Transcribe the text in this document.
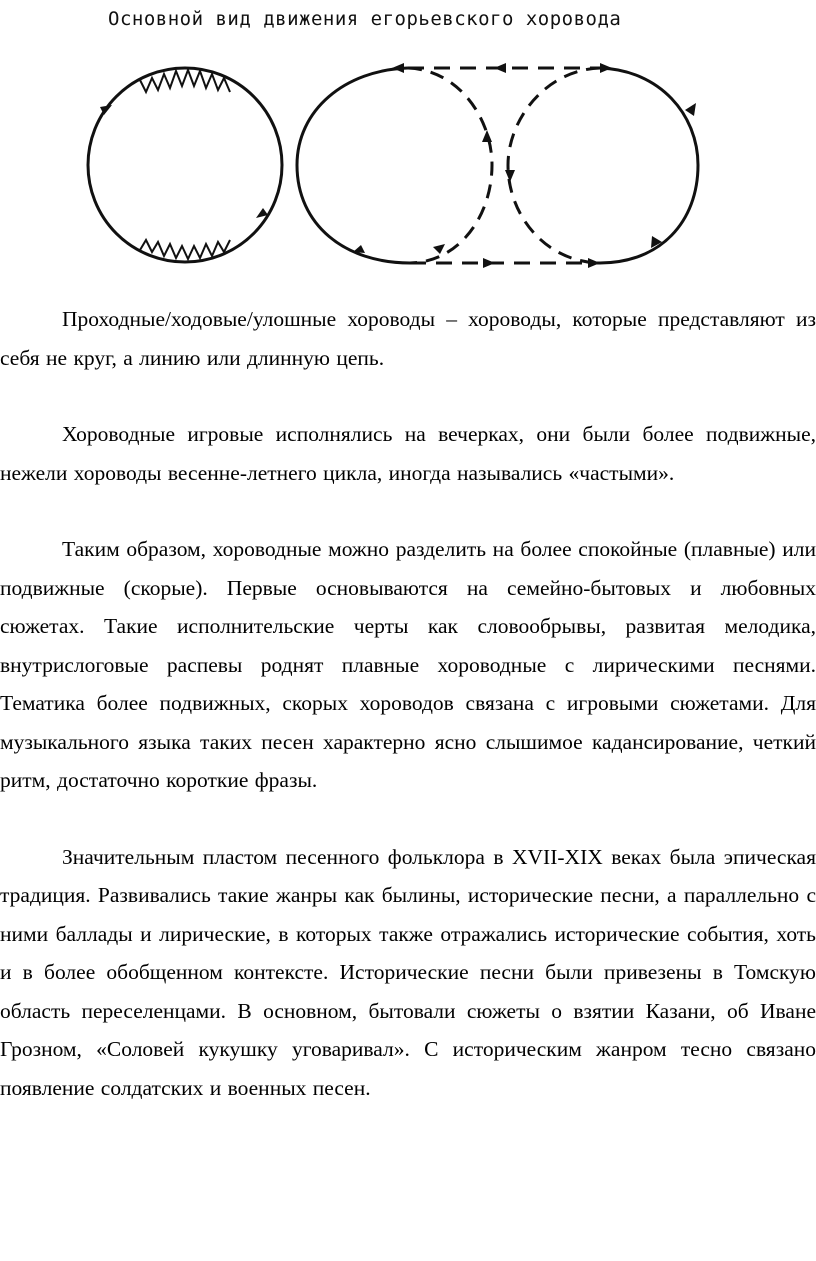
Основной вид движения егорьевского хоровода

Проходные/ходовые/улошные хороводы – хороводы, которые представляют из себя не круг, а линию или длинную цепь.

Хороводные игровые исполнялись на вечерках, они были более подвижные, нежели хороводы весенне-летнего цикла, иногда назывались «частыми».

Таким образом, хороводные можно разделить на более спокойные (плавные) или подвижные (скорые). Первые основываются на семейно-бытовых и любовных сюжетах. Такие исполнительские черты как словообрывы, развитая мелодика, внутрислоговые распевы роднят плавные хороводные с лирическими песнями. Тематика более подвижных, скорых хороводов связана с игровыми сюжетами. Для музыкального языка таких песен характерно ясно слышимое кадансирование, четкий ритм, достаточно короткие фразы.

Значительным пластом песенного фольклора в XVII-XIX веках была эпическая традиция. Развивались такие жанры как былины, исторические песни, а параллельно с ними баллады и лирические, в которых также отражались исторические события, хоть и в более обобщенном контексте. Исторические песни были привезены в Томскую область переселенцами. В основном, бытовали сюжеты о взятии Казани, об Иване Грозном, «Соловей кукушку уговаривал». С историческим жанром тесно связано появление солдатских и военных песен.
